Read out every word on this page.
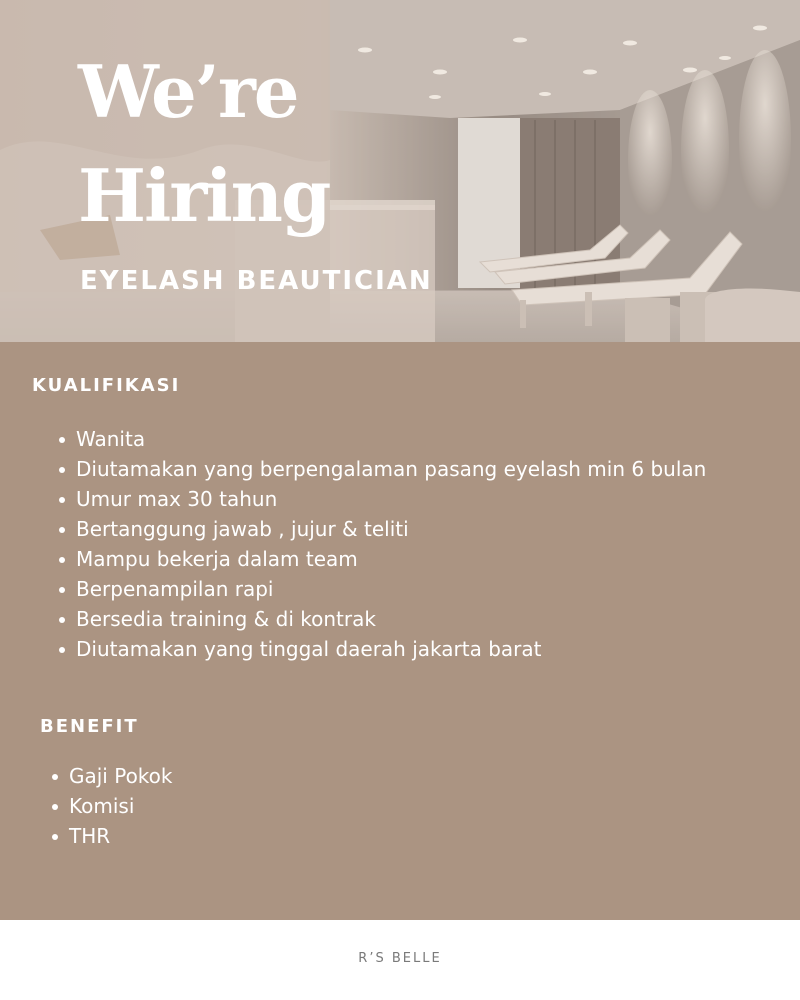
We’re
Hiring
EYELASH BEAUTICIAN
KUALIFIKASI
Wanita
Diutamakan yang berpengalaman pasang eyelash min 6 bulan
Umur max 30 tahun
Bertanggung jawab , jujur & teliti
Mampu bekerja dalam team
Berpenampilan rapi
Bersedia training & di kontrak
Diutamakan yang tinggal daerah jakarta barat
BENEFIT
Gaji Pokok
Komisi
THR
R’S BELLE
